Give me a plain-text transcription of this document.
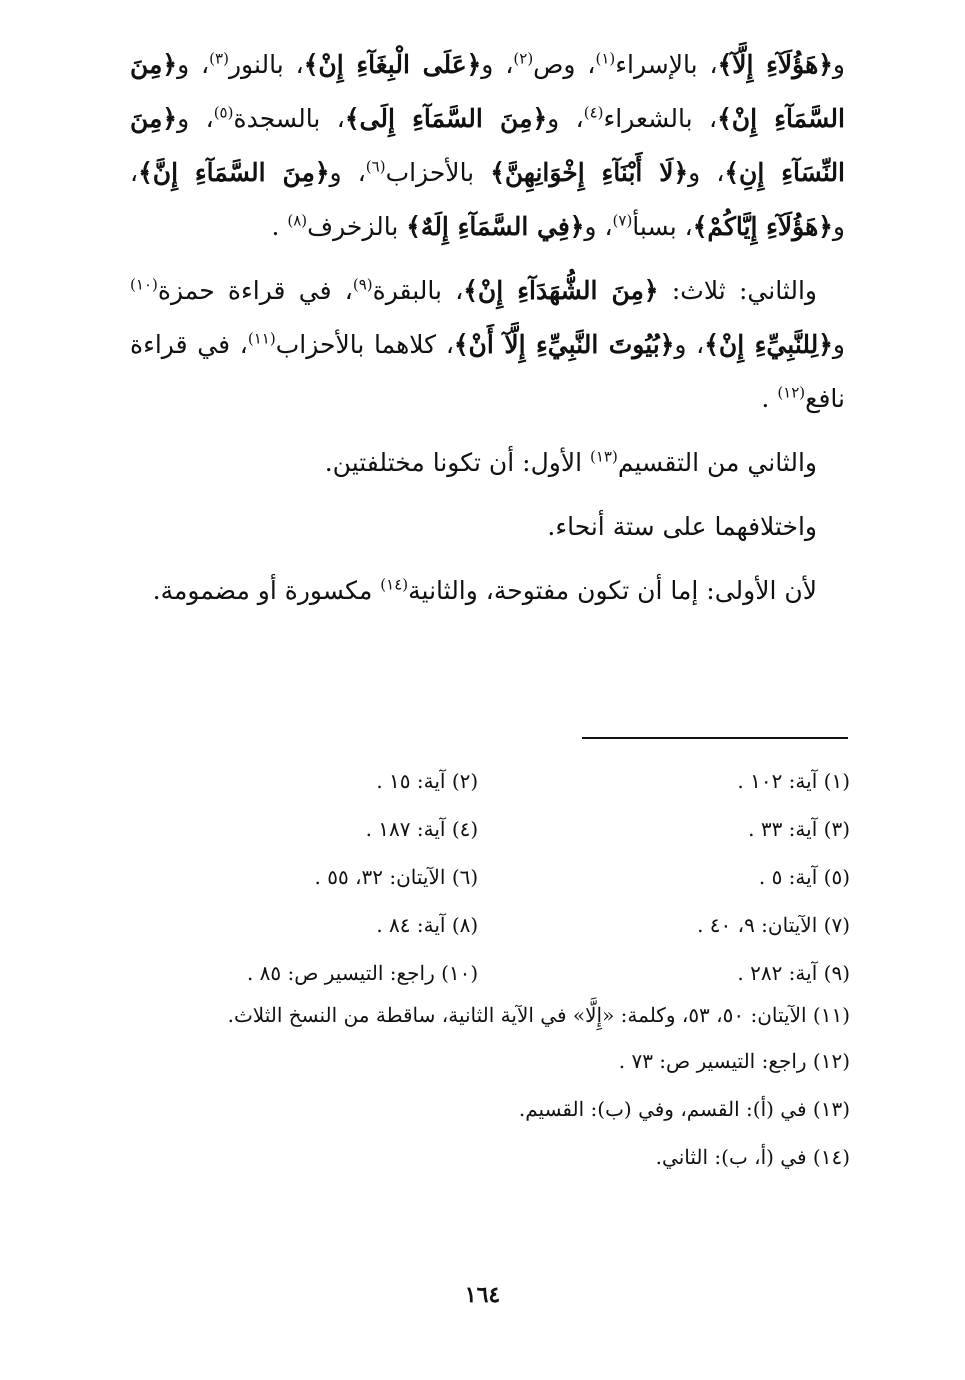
و﴿هَؤُلَآءِ إِلَّآ﴾، بالإسراء$^{(١)}$، وص$^{(٢)}$، و﴿عَلَى الْبِغَآءِ إِنْ﴾، بالنور$^{(٣)}$، و﴿مِنَ السَّمَآءِ إِنْ﴾، بالشعراء$^{(٤)}$، و﴿مِنَ السَّمَآءِ إِلَى﴾، بالسجدة$^{(٥)}$، و﴿مِنَ النِّسَآءِ إِنِ﴾، و﴿لَا أَبْنَآءِ إِخْوَانِهِنَّ﴾ بالأحزاب$^{(٦)}$، و﴿مِنَ السَّمَآءِ إِنَّ﴾، و﴿هَؤُلَآءِ إِيَّاكُمْ﴾، بسبأ$^{(٧)}$، و﴿فِي السَّمَآءِ إِلَهٌ﴾ بالزخرف$^{(٨)}$ .

والثاني: ثلاث: ﴿مِنَ الشُّهَدَآءِ إِنْ﴾، بالبقرة$^{(٩)}$، في قراءة حمزة$^{(١٠)}$ و﴿لِلنَّبِيِّءِ إِنْ﴾، و﴿بُيُوتَ النَّبِيِّءِ إِلَّآ أَنْ﴾، كلاهما بالأحزاب$^{(١١)}$، في قراءة نافع$^{(١٢)}$ .

والثاني من التقسيم$^{(١٣)}$ الأول: أن تكونا مختلفتين.

واختلافهما على ستة أنحاء.

لأن الأولى: إما أن تكون مفتوحة، والثانية$^{(١٤)}$ مكسورة أو مضمومة.

(١) آية: ١٠٢ .
(٢) آية: ١٥ .
(٣) آية: ٣٣ .
(٤) آية: ١٨٧ .
(٥) آية: ٥ .
(٦) الآيتان: ٣٢، ٥٥ .
(٧) الآيتان: ٩، ٤٠ .
(٨) آية: ٨٤ .
(٩) آية: ٢٨٢ .
(١٠) راجع: التيسير ص: ٨٥ .
(١١) الآيتان: ٥٠، ٥٣، وكلمة: «إِلَّا» في الآية الثانية، ساقطة من النسخ الثلاث.
(١٢) راجع: التيسير ص: ٧٣ .
(١٣) في (أ): القسم، وفي (ب): القسيم.
(١٤) في (أ، ب): الثاني.
١٦٤
